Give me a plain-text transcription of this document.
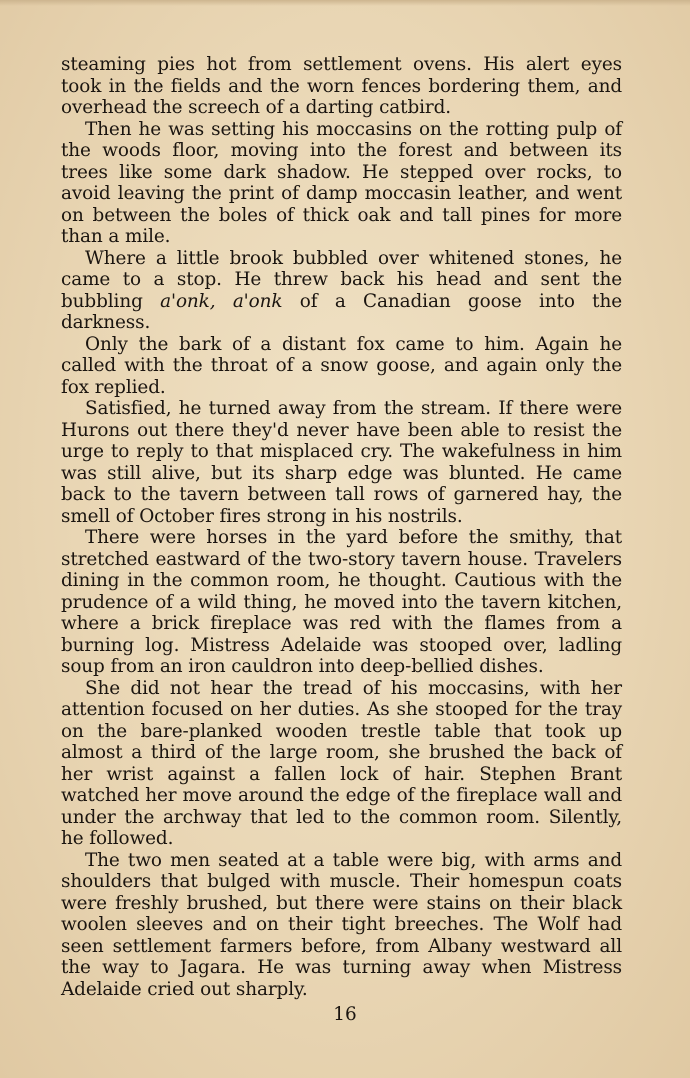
steaming pies hot from settlement ovens. His alert eyes took in the fields and the worn fences bordering them, and overhead the screech of a darting catbird.

Then he was setting his moccasins on the rotting pulp of the woods floor, moving into the forest and between its trees like some dark shadow. He stepped over rocks, to avoid leaving the print of damp moccasin leather, and went on between the boles of thick oak and tall pines for more than a mile.

Where a little brook bubbled over whitened stones, he came to a stop. He threw back his head and sent the bubbling a'onk, a'onk of a Canadian goose into the darkness.

Only the bark of a distant fox came to him. Again he called with the throat of a snow goose, and again only the fox replied.

Satisfied, he turned away from the stream. If there were Hurons out there they'd never have been able to resist the urge to reply to that misplaced cry. The wakefulness in him was still alive, but its sharp edge was blunted. He came back to the tavern between tall rows of garnered hay, the smell of October fires strong in his nostrils.

There were horses in the yard before the smithy, that stretched eastward of the two-story tavern house. Travelers dining in the common room, he thought. Cautious with the prudence of a wild thing, he moved into the tavern kitchen, where a brick fireplace was red with the flames from a burning log. Mistress Adelaide was stooped over, ladling soup from an iron cauldron into deep-bellied dishes.

She did not hear the tread of his moccasins, with her attention focused on her duties. As she stooped for the tray on the bare-planked wooden trestle table that took up almost a third of the large room, she brushed the back of her wrist against a fallen lock of hair. Stephen Brant watched her move around the edge of the fireplace wall and under the archway that led to the common room. Silently, he followed.

The two men seated at a table were big, with arms and shoulders that bulged with muscle. Their homespun coats were freshly brushed, but there were stains on their black woolen sleeves and on their tight breeches. The Wolf had seen settlement farmers before, from Albany westward all the way to Jagara. He was turning away when Mistress Adelaide cried out sharply.

16
